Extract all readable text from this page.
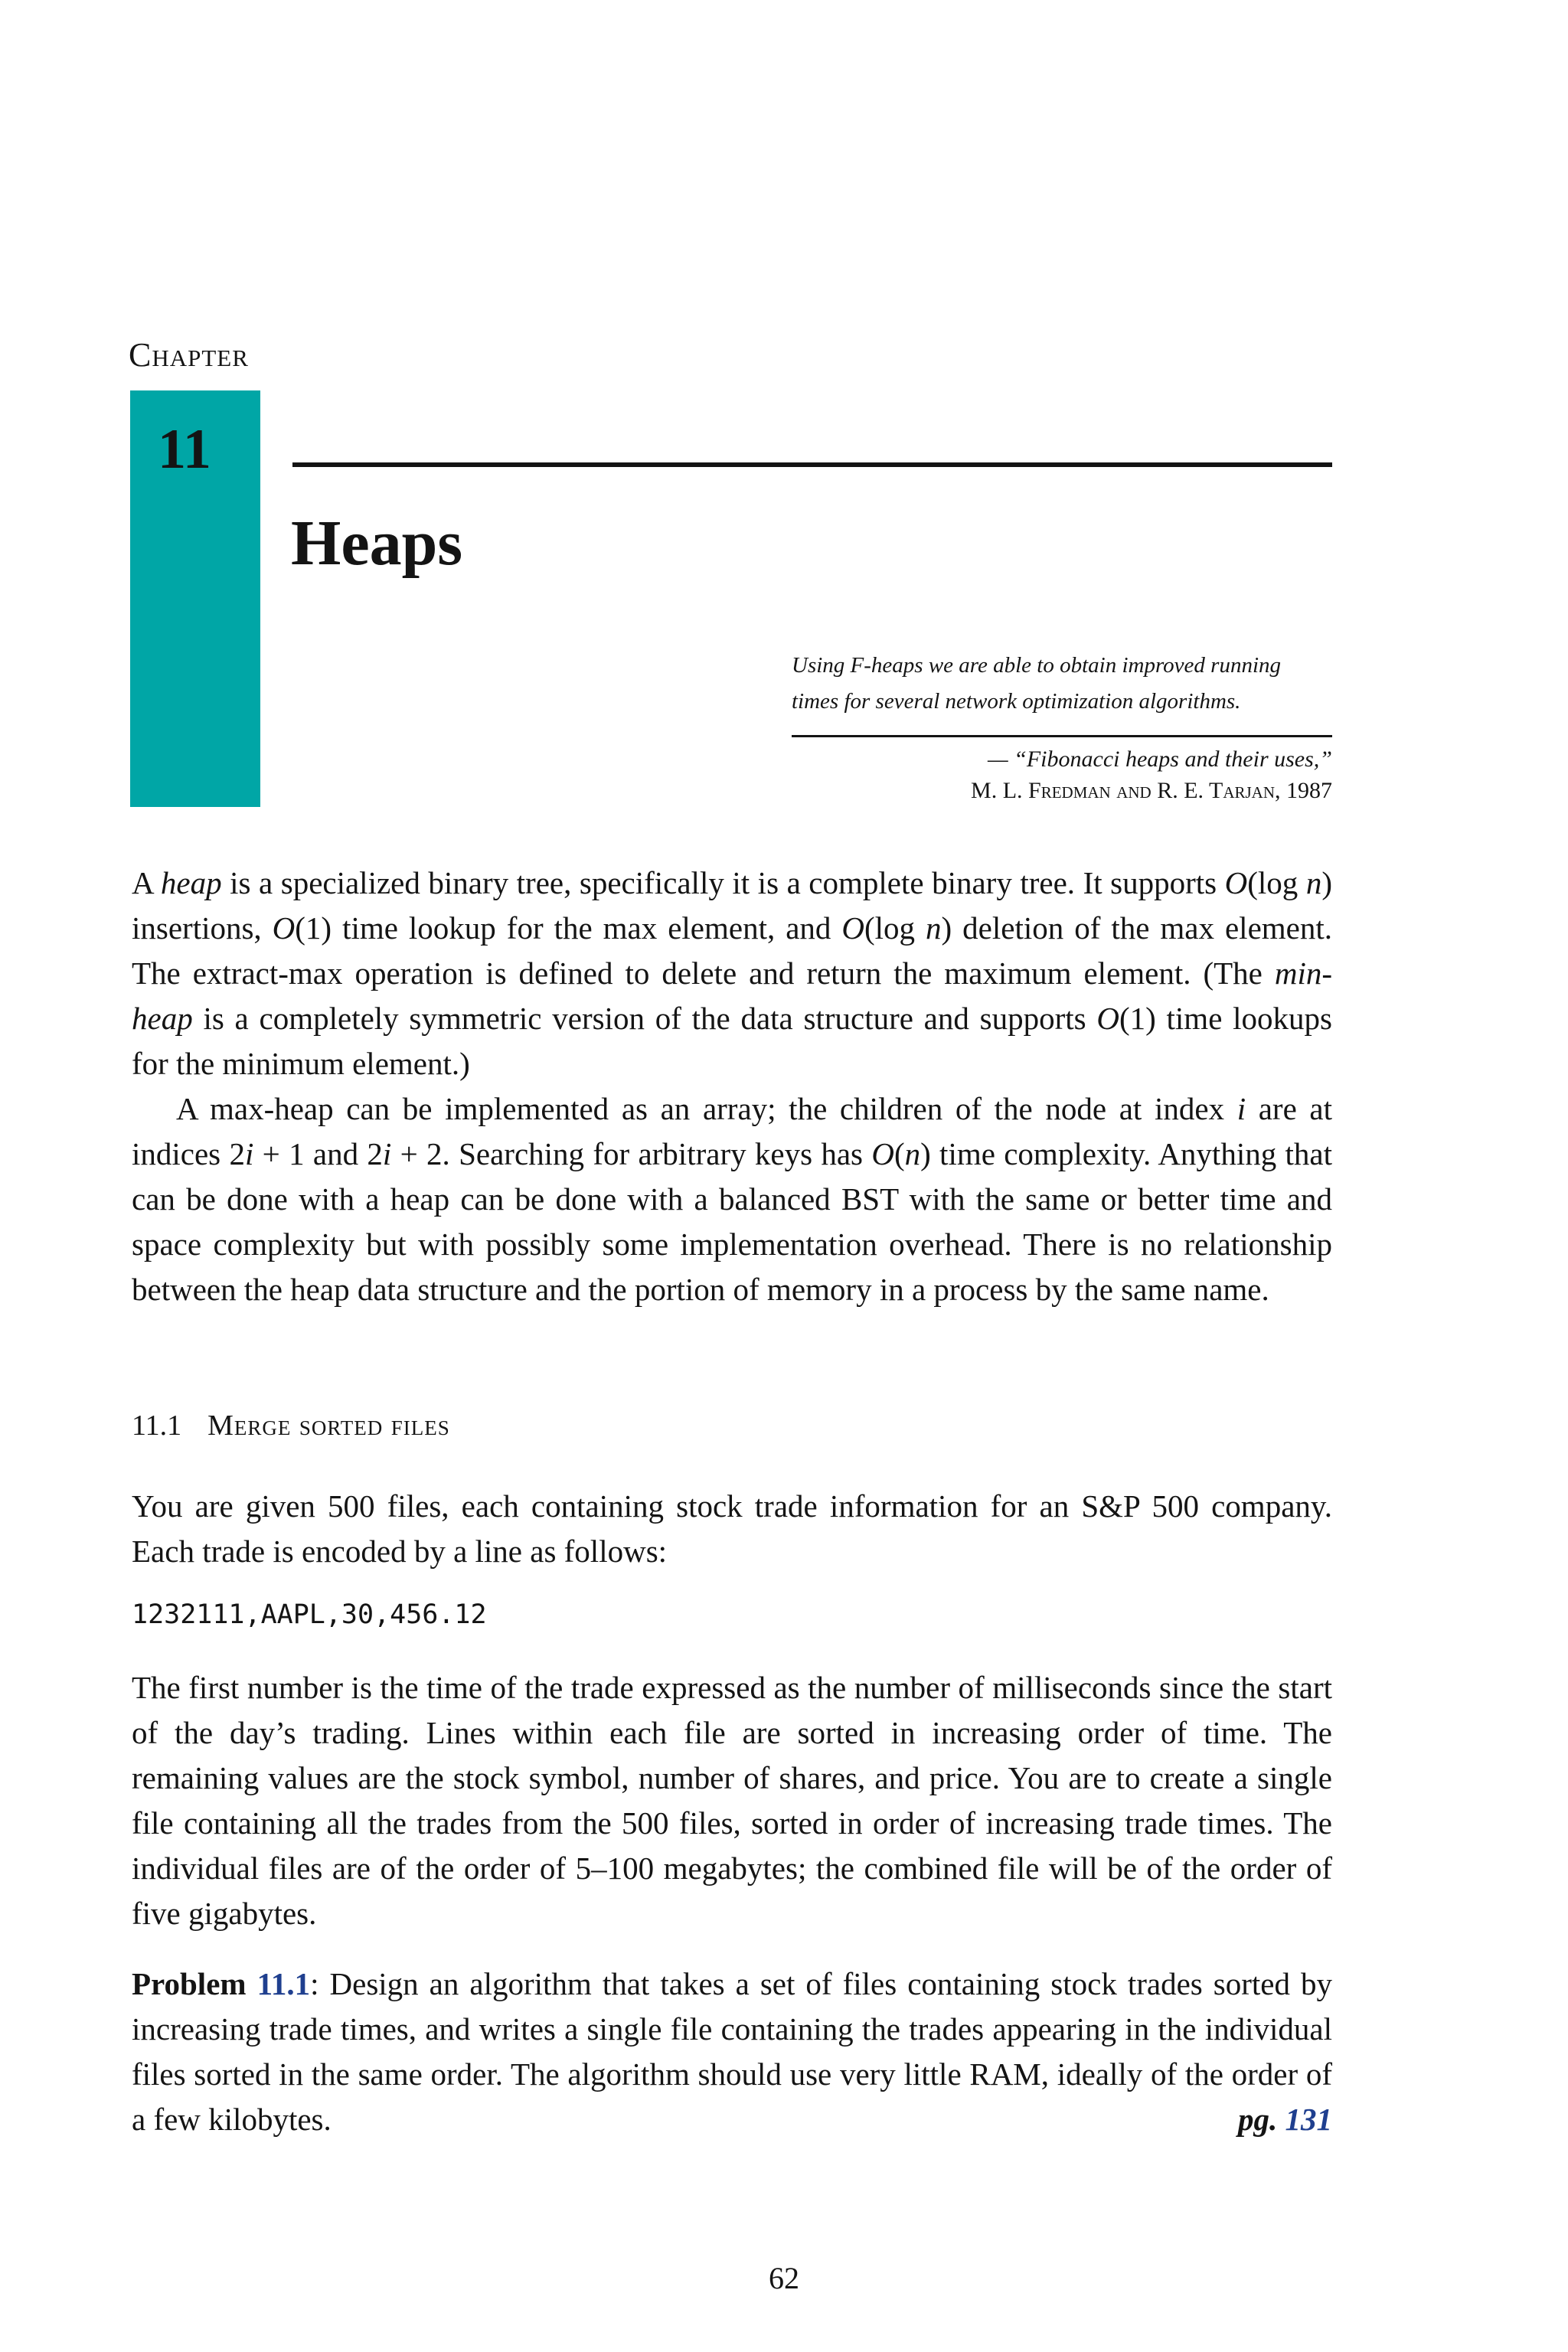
Chapter
11
Heaps

Using F-heaps we are able to obtain improved running times for several network optimization algorithms.

— “Fibonacci heaps and their uses,”
M. L. Fredman and R. E. Tarjan, 1987

A heap is a specialized binary tree, specifically it is a complete binary tree. It supports O(log n) insertions, O(1) time lookup for the max element, and O(log n) deletion of the max element. The extract-max operation is defined to delete and return the maximum element. (The min-heap is a completely symmetric version of the data structure and supports O(1) time lookups for the minimum element.)

A max-heap can be implemented as an array; the children of the node at index i are at indices 2i + 1 and 2i + 2. Searching for arbitrary keys has O(n) time complexity. Anything that can be done with a heap can be done with a balanced BST with the same or better time and space complexity but with possibly some implementation overhead. There is no relationship between the heap data structure and the portion of memory in a process by the same name.

11.1 Merge sorted files

You are given 500 files, each containing stock trade information for an S&P 500 company. Each trade is encoded by a line as follows:

1232111,AAPL,30,456.12

The first number is the time of the trade expressed as the number of milliseconds since the start of the day’s trading. Lines within each file are sorted in increasing order of time. The remaining values are the stock symbol, number of shares, and price. You are to create a single file containing all the trades from the 500 files, sorted in order of increasing trade times. The individual files are of the order of 5–100 megabytes; the combined file will be of the order of five gigabytes.

Problem 11.1: Design an algorithm that takes a set of files containing stock trades sorted by increasing trade times, and writes a single file containing the trades appearing in the individual files sorted in the same order. The algorithm should use very little RAM, ideally of the order of a few kilobytes.	pg. 131

62
